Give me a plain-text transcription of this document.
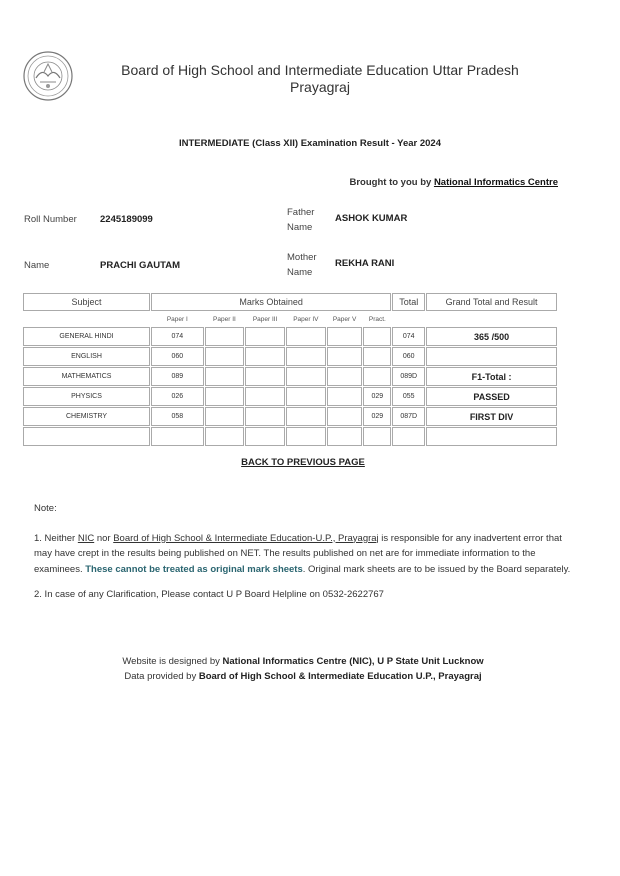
Board of High School and Intermediate Education Uttar Pradesh
Prayagraj
INTERMEDIATE (Class XII) Examination Result - Year 2024
Brought to you by National Informatics Centre
Roll Number 2245189099
Father
Name
ASHOK KUMAR
Name	PRACHI GAUTAM
Mother
Name
REKHA RANI
Subject	Marks Obtained						Total	Grand Total and Result
	Paper I	Paper II	Paper III	Paper IV	Paper V	Pract.		
GENERAL HINDI	074						074	365 /500
ENGLISH	060						060	
MATHEMATICS	089						089D	F1-Total :
PHYSICS	026					029	055	PASSED
CHEMISTRY	058					029	087D	FIRST DIV

BACK TO PREVIOUS PAGE

Note:

1. Neither NIC nor Board of High School & Intermediate Education-U.P., Prayagraj is responsible for any inadvertent error that may have crept in the results being published on NET. The results published on net are for immediate information to the examinees. These cannot be treated as original mark sheets. Original mark sheets are to be issued by the Board separately.

2. In case of any Clarification, Please contact U P Board Helpline on 0532-2622767

Website is designed by National Informatics Centre (NIC), U P State Unit Lucknow
Data provided by Board of High School & Intermediate Education U.P., Prayagraj
